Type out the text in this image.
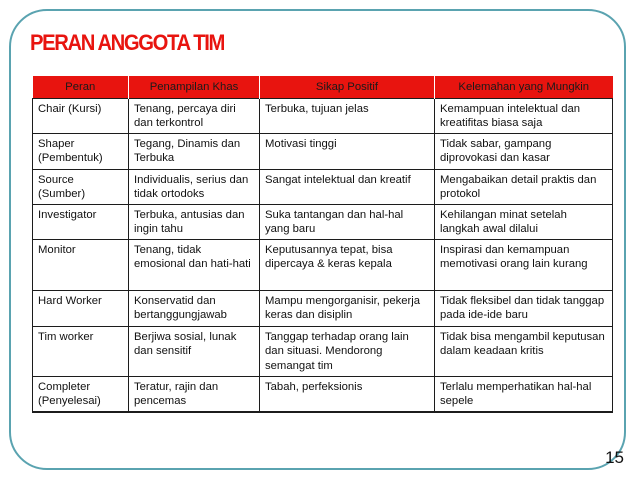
PERAN ANGGOTA TIM
Peran	Penampilan Khas	Sikap Positif	Kelemahan yang Mungkin
Chair (Kursi)	Tenang, percaya diri dan terkontrol	Terbuka, tujuan jelas	Kemampuan intelektual dan kreatifitas biasa saja
Shaper (Pembentuk)	Tegang, Dinamis dan Terbuka	Motivasi tinggi	Tidak sabar, gampang diprovokasi dan kasar
Source (Sumber)	Individualis, serius dan tidak ortodoks	Sangat intelektual dan kreatif	Mengabaikan detail praktis dan protokol
Investigator	Terbuka, antusias dan ingin tahu	Suka tantangan dan hal-hal yang baru	Kehilangan minat setelah langkah awal dilalui
Monitor	Tenang, tidak emosional dan hati-hati	Keputusannya tepat, bisa dipercaya & keras kepala	Inspirasi dan kemampuan memotivasi orang lain kurang
Hard Worker	Konservatid dan bertanggungjawab	Mampu mengorganisir, pekerja keras dan disiplin	Tidak fleksibel dan tidak tanggap pada ide-ide baru
Tim worker	Berjiwa sosial, lunak dan sensitif	Tanggap terhadap orang lain dan situasi. Mendorong semangat tim	Tidak bisa mengambil keputusan dalam keadaan kritis
Completer (Penyelesai)	Teratur, rajin dan pencemas	Tabah, perfeksionis	Terlalu memperhatikan hal-hal sepele
15
